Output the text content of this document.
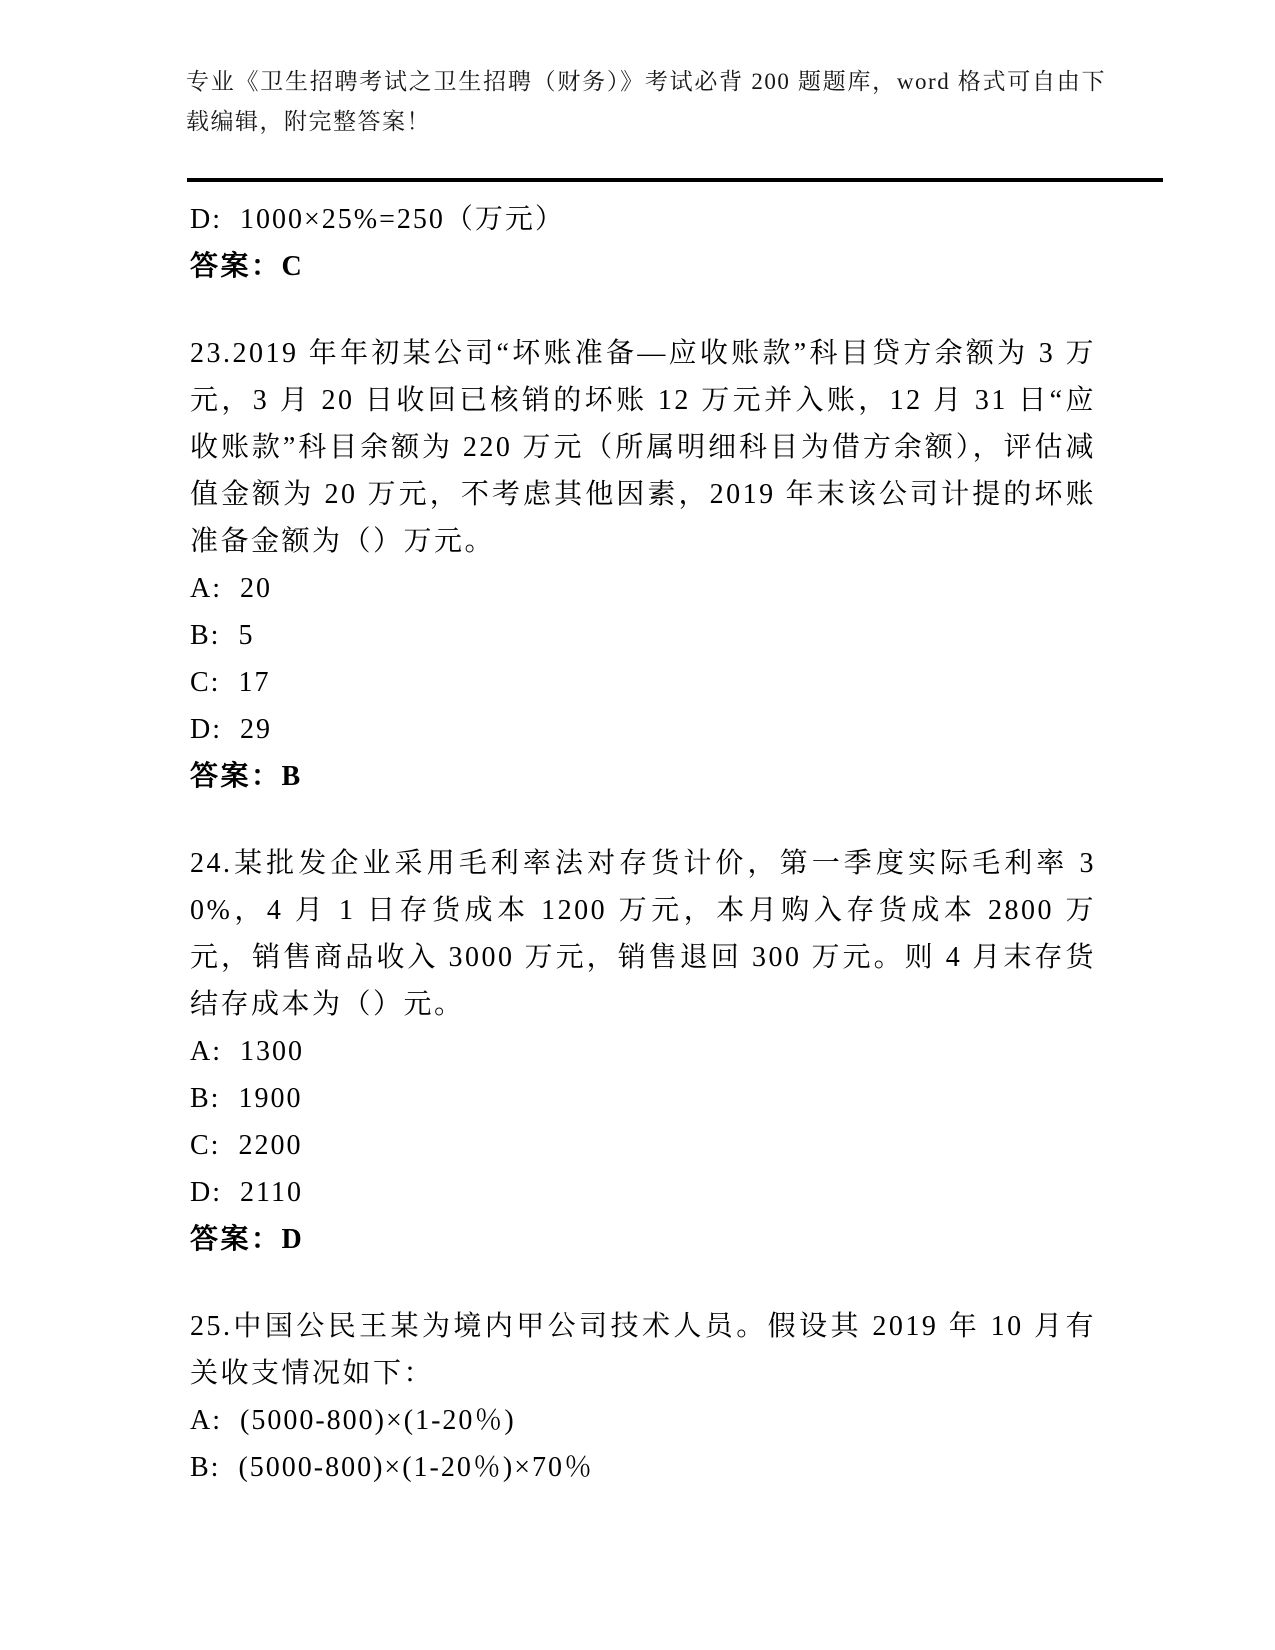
专业《卫生招聘考试之卫生招聘（财务）》考试必背 200 题题库，word 格式可自由下载编辑，附完整答案！
D:  1000×25%=250（万元）
答案：C

23.2019 年年初某公司“坏账准备—应收账款”科目贷方余额为 3 万元，3 月 20 日收回已核销的坏账 12 万元并入账，12 月 31 日“应收账款”科目余额为 220 万元（所属明细科目为借方余额），评估减值金额为 20 万元，不考虑其他因素，2019 年末该公司计提的坏账准备金额为（）万元。

A:  20
B:  5
C:  17
D:  29
答案：B

24.某批发企业采用毛利率法对存货计价，第一季度实际毛利率 30%，4 月 1 日存货成本 1200 万元，本月购入存货成本 2800 万元，销售商品收入 3000 万元，销售退回 300 万元。则 4 月末存货结存成本为（）元。

A:  1300
B:  1900
C:  2200
D:  2110
答案：D

25.中国公民王某为境内甲公司技术人员。假设其 2019 年 10 月有关收支情况如下：

A:  (5000-800)×(1-20％)
B:  (5000-800)×(1-20％)×70％
